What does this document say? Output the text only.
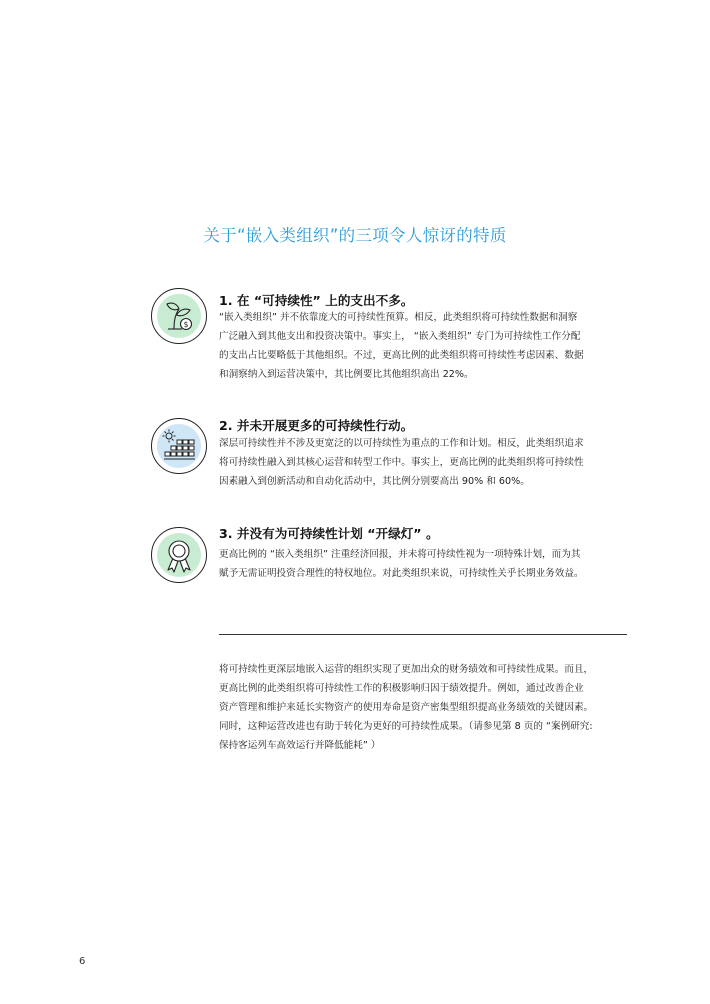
关于“嵌入类组织”的三项令人惊讶的特质
$
1. 在 “可持续性” 上的支出不多。
“嵌入类组织” 并不依靠庞大的可持续性预算。相反，此类组织将可持续性数据和洞察
广泛融入到其他支出和投资决策中。事实上， “嵌入类组织” 专门为可持续性工作分配
的支出占比要略低于其他组织。不过，更高比例的此类组织将可持续性考虑因素、数据
和洞察纳入到运营决策中，其比例要比其他组织高出 22%。
2. 并未开展更多的可持续性行动。
深层可持续性并不涉及更宽泛的以可持续性为重点的工作和计划。相反，此类组织追求
将可持续性融入到其核心运营和转型工作中。事实上，更高比例的此类组织将可持续性
因素融入到创新活动和自动化活动中，其比例分别要高出 90% 和 60%。
3. 并没有为可持续性计划 “开绿灯” 。
更高比例的 “嵌入类组织” 注重经济回报，并未将可持续性视为一项特殊计划，而为其
赋予无需证明投资合理性的特权地位。对此类组织来说，可持续性关乎长期业务效益。
将可持续性更深层地嵌入运营的组织实现了更加出众的财务绩效和可持续性成果。而且，
更高比例的此类组织将可持续性工作的积极影响归因于绩效提升。例如，通过改善企业
资产管理和维护来延长实物资产的使用寿命是资产密集型组织提高业务绩效的关键因素。
同时，这种运营改进也有助于转化为更好的可持续性成果。（请参见第 8 页的 “案例研究:
保持客运列车高效运行并降低能耗” ）
6
